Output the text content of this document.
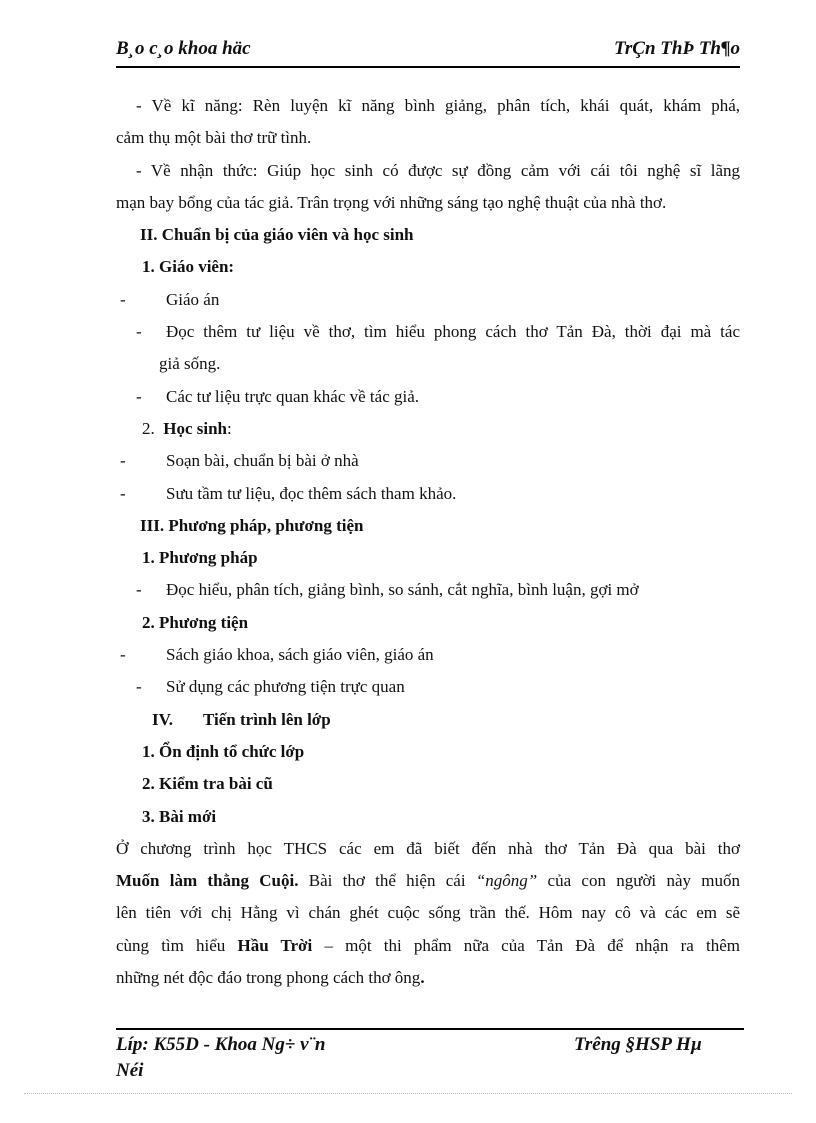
B¸o c¸o khoa häc	TrÇn ThÞ Th¶o
- Về kĩ năng: Rèn luyện kĩ năng bình giảng, phân tích, khái quát, khám phá,
cảm thụ một bài thơ trữ tình.
- Về nhận thức: Giúp học sinh có được sự đồng cảm với cái tôi nghệ sĩ lãng
mạn bay bổng của tác giả. Trân trọng với những sáng tạo nghệ thuật của nhà thơ.
II. Chuẩn bị của giáo viên và học sinh
1. Giáo viên:
- Giáo án
- Đọc thêm tư liệu về thơ, tìm hiểu phong cách thơ Tản Đà, thời đại mà tác
giả sống.
- Các tư liệu trực quan khác về tác giả.
2. Học sinh:
- Soạn bài, chuẩn bị bài ở nhà
- Sưu tầm tư liệu, đọc thêm sách tham khảo.
III. Phương pháp, phương tiện
1. Phương pháp
- Đọc hiểu, phân tích, giảng bình, so sánh, cắt nghĩa, bình luận, gợi mở
2. Phương tiện
- Sách giáo khoa, sách giáo viên, giáo án
- Sử dụng các phương tiện trực quan
IV. Tiến trình lên lớp
1. Ổn định tổ chức lớp
2. Kiểm tra bài cũ
3. Bài mới
Ở chương trình học THCS các em đã biết đến nhà thơ Tản Đà qua bài thơ
Muốn làm thằng Cuội. Bài thơ thể hiện cái “ngông” của con người này muốn
lên tiên với chị Hằng vì chán ghét cuộc sống trần thế. Hôm nay cô và các em sẽ
cùng tìm hiểu Hầu Trời – một thi phẩm nữa của Tản Đà để nhận ra thêm
những nét độc đáo trong phong cách thơ ông.
Líp: K55D - Khoa Ng÷ v¨n	Trêng §HSP Hµ
Néi
